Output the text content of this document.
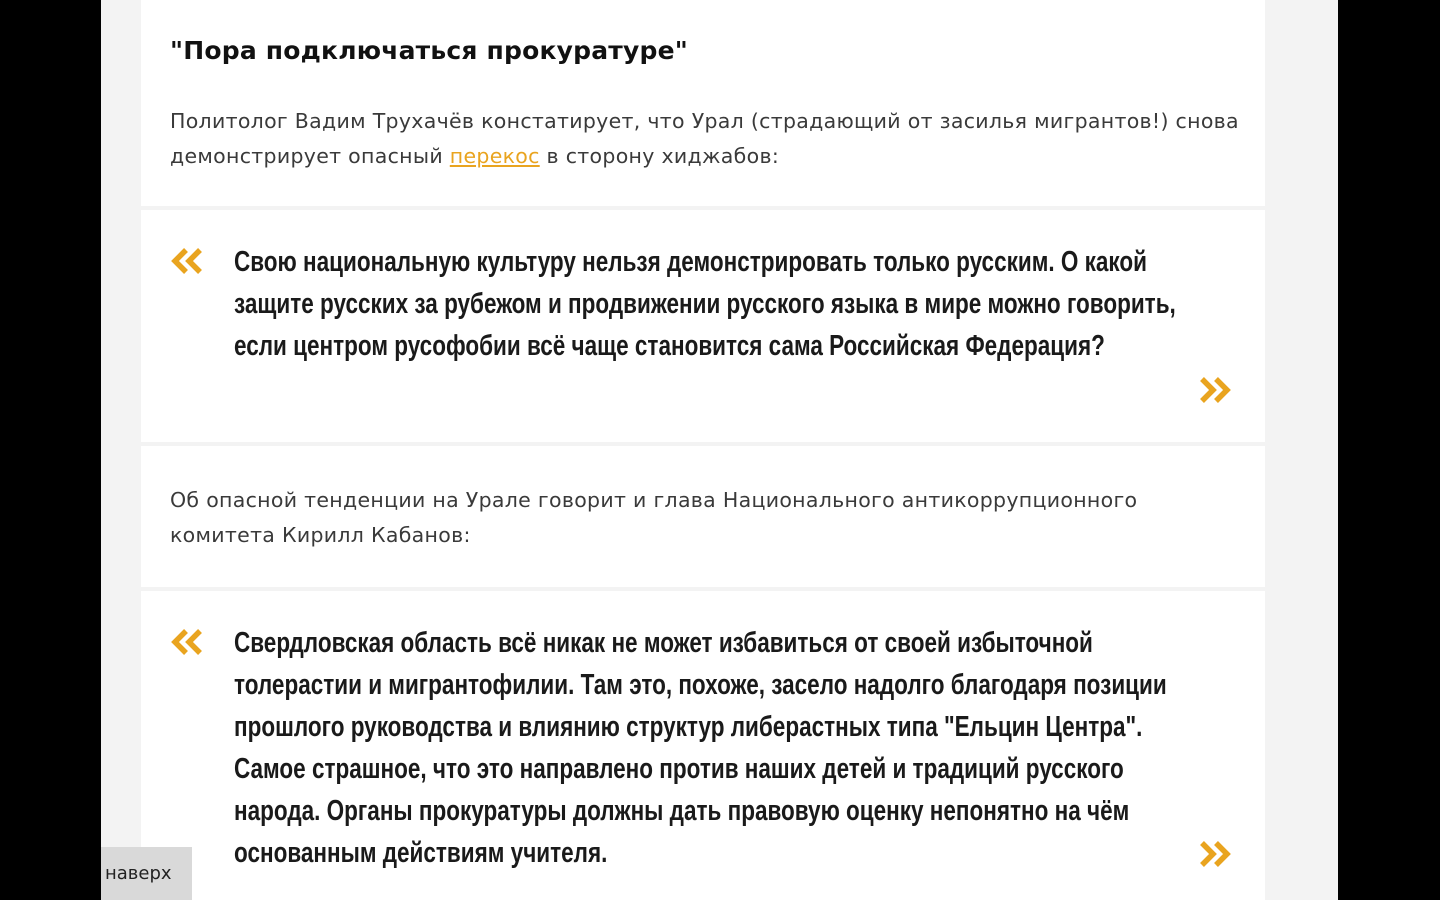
"Пора подключаться прокуратуре"

Политолог Вадим Трухачёв констатирует, что Урал (страдающий от засилья мигрантов!) снова демонстрирует опасный перекос в сторону хиджабов:

Свою национальную культуру нельзя демонстрировать только русским. О какой защите русских за рубежом и продвижении русского языка в мире можно говорить, если центром русофобии всё чаще становится сама Российская Федерация?

Об опасной тенденции на Урале говорит и глава Национального антикоррупционного комитета Кирилл Кабанов:

Свердловская область всё никак не может избавиться от своей избыточной толерастии и мигрантофилии. Там это, похоже, засело надолго благодаря позиции прошлого руководства и влиянию структур либерастных типа "Ельцин Центра". Самое страшное, что это направлено против наших детей и традиций русского народа. Органы прокуратуры должны дать правовую оценку непонятно на чём основанным действиям учителя.

наверх
